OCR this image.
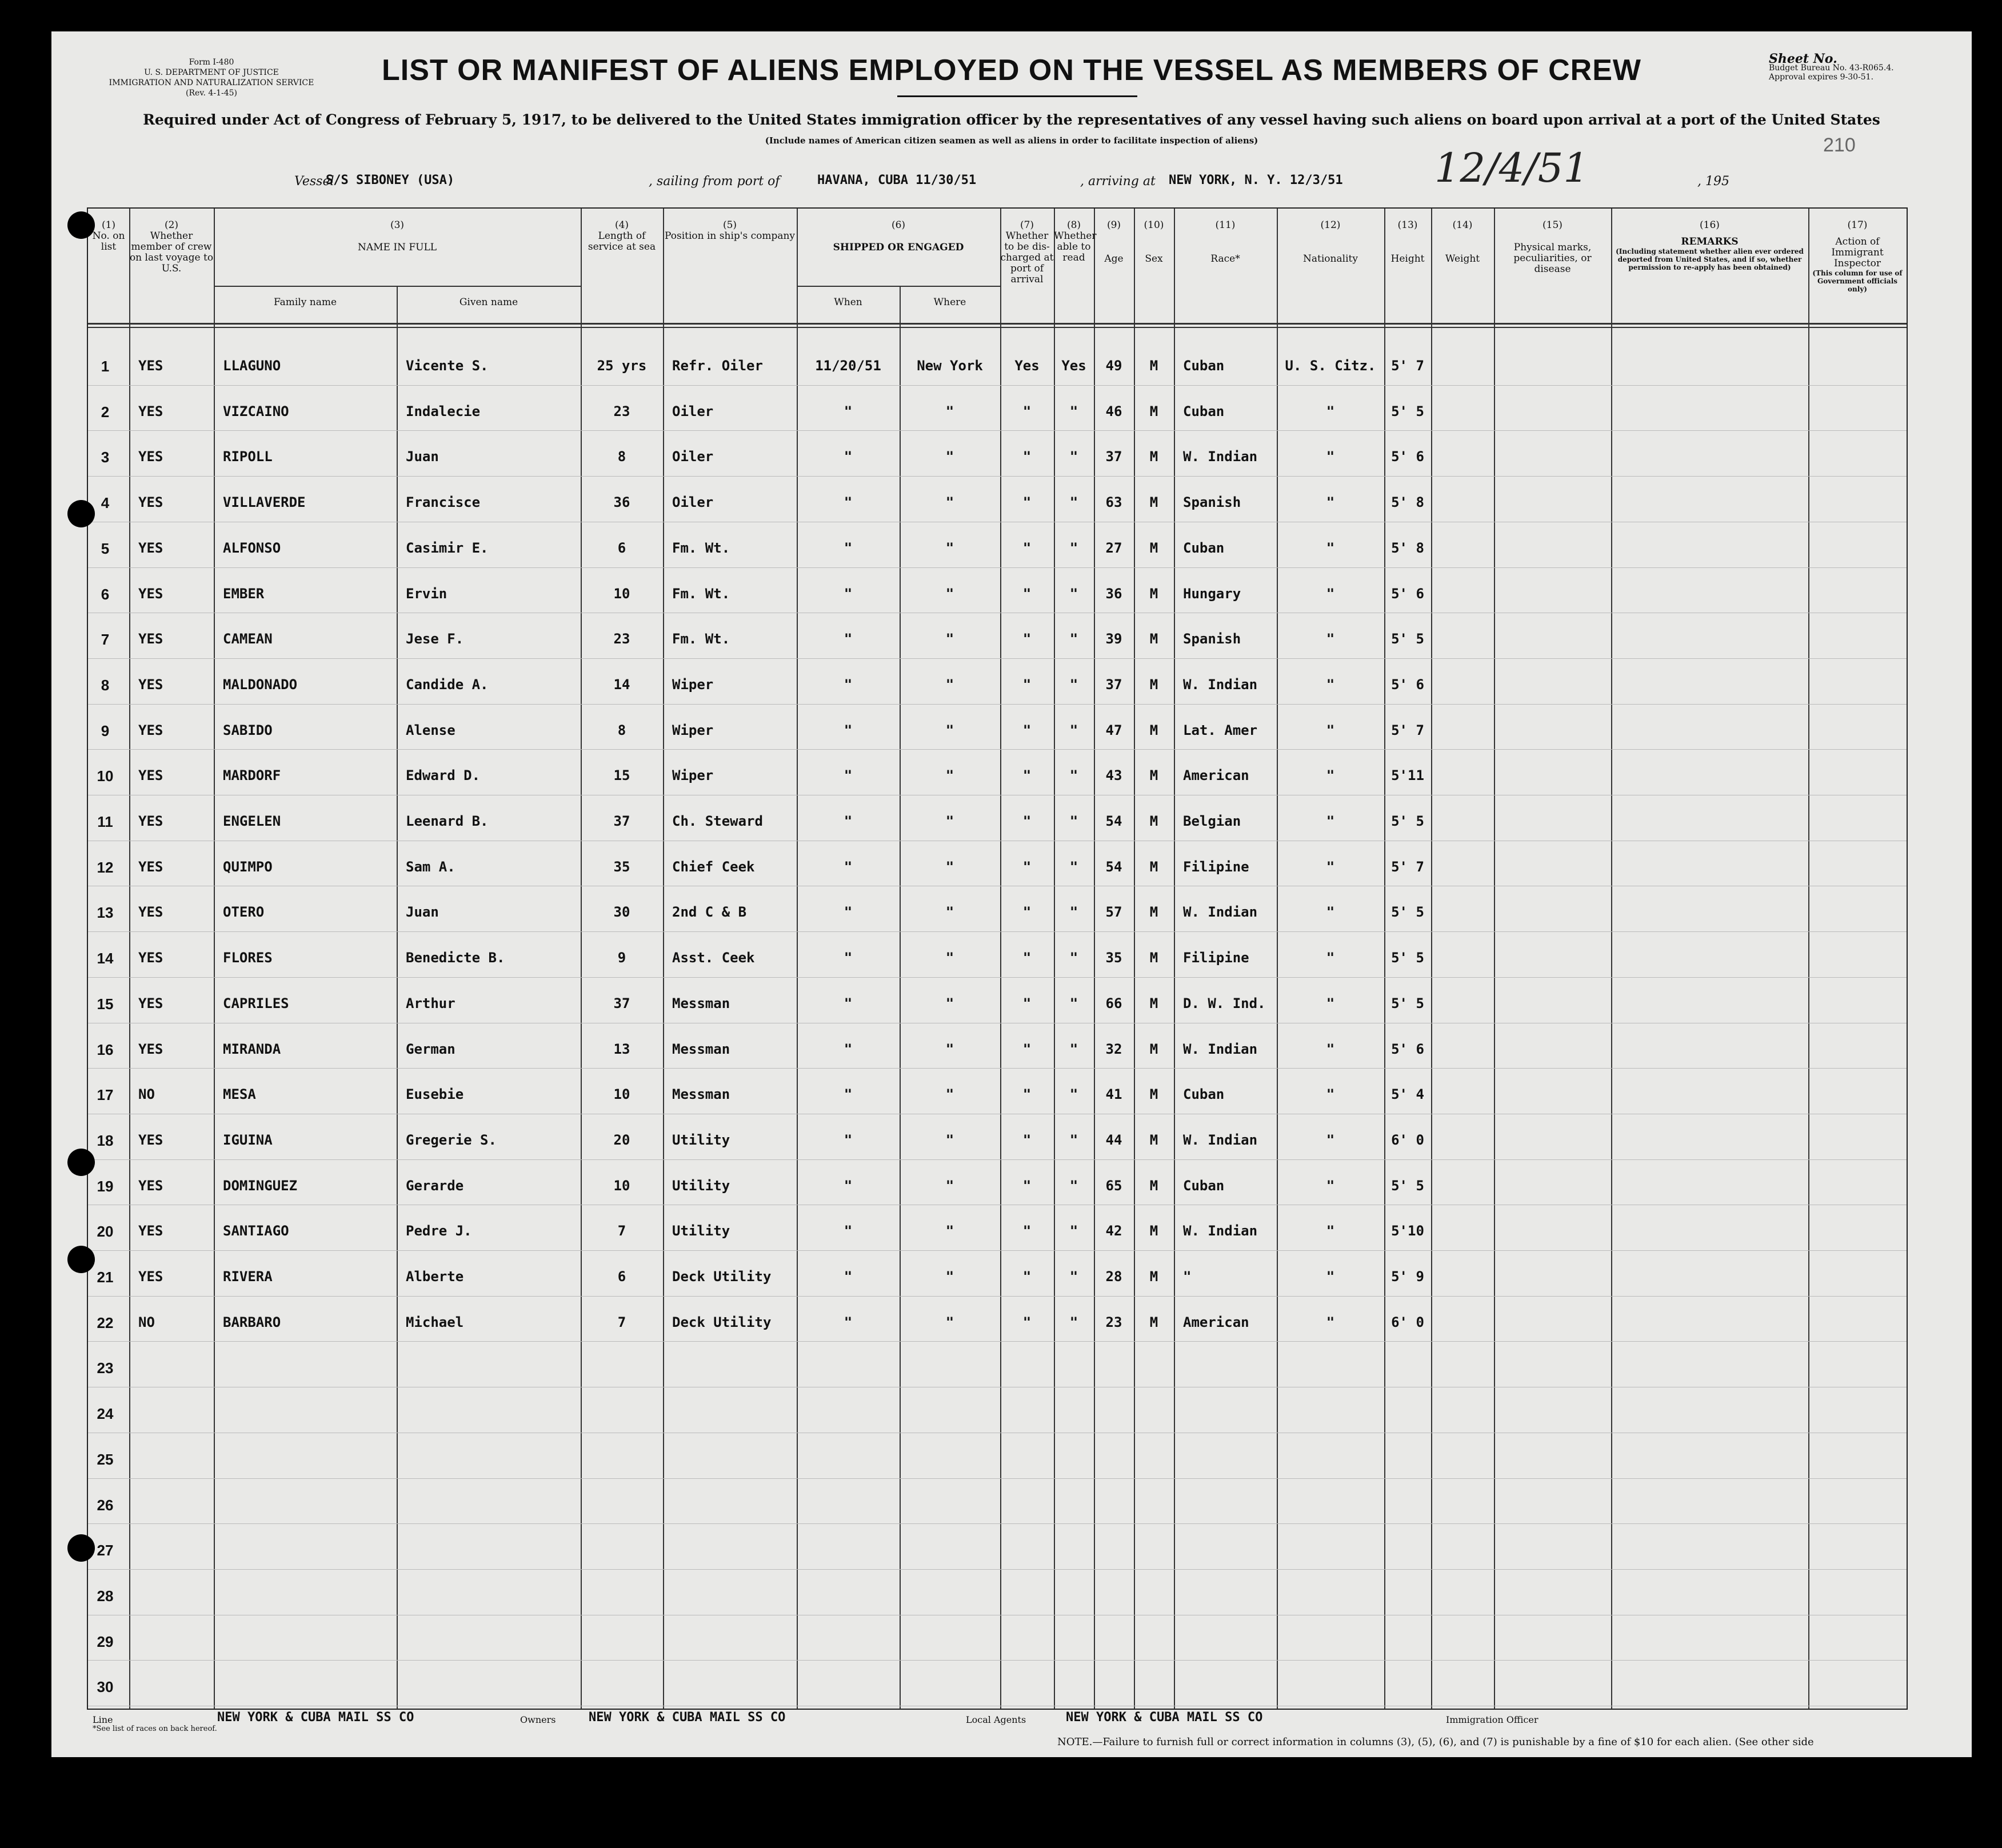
Form I-480
U. S. DEPARTMENT OF JUSTICE
IMMIGRATION AND NATURALIZATION SERVICE
(Rev. 4-1-45)
LIST OR MANIFEST OF ALIENS EMPLOYED ON THE VESSEL AS MEMBERS OF CREW	Sheet No.
Budget Bureau No. 43-R065.4.
Approval expires 9-30-51.
Required under Act of Congress of February 5, 1917, to be delivered to the United States immigration officer by the representatives of any vessel having such aliens on board upon arrival at a port of the United States
(Include names of American citizen seamen as well as aliens in order to facilitate inspection of aliens)	210
Vessel
S/S SIBONEY (USA)	, sailing from port of	HAVANA, CUBA 11/30/51	, arriving at NEW YORK, N. Y. 12/3/51 12/4/51	, 195
(1)
No. on list
(2)
Whether member of crew on last voyage to U.S.
(3)
NAME IN FULL
Family name	Given name
(4)
Length of service at sea
(5)
Position in ship's company
(6)
SHIPPED OR ENGAGED
When	Where
(7)
Whether to be dis-charged at port of arrival
(8)
Whether able to read
(9)
Age
(10)
Sex
(11)
Race*
(12)
Nationality
(13)
Height
(14)
Weight
(15)
Physical marks, peculiarities, or disease
(16)
REMARKS
(Including statement whether alien ever ordered deported from United States, and if so, whether permission to re-apply has been obtained)
(17)
Action of Immigrant Inspector
(This column for use of Government officials only)
1	YES	LLAGUNO	Vicente S.	25 yrs	Refr. Oiler	11/20/51	New York	Yes	Yes	49	M	Cuban	U. S. Citz.	5' 7
2	YES	VIZCAINO	Indalecie	23	Oiler	"	"	"	"	46	M	Cuban	"	5' 5
3	YES	RIPOLL	Juan	8	Oiler	"	"	"	"	37	M	W. Indian	"	5' 6
4	YES	VILLAVERDE	Francisce	36	Oiler	"	"	"	"	63	M	Spanish	"	5' 8
5	YES	ALFONSO	Casimir E.	6	Fm. Wt.	"	"	"	"	27	M	Cuban	"	5' 8
6	YES	EMBER	Ervin	10	Fm. Wt.	"	"	"	"	36	M	Hungary	"	5' 6
7	YES	CAMEAN	Jese F.	23	Fm. Wt.	"	"	"	"	39	M	Spanish	"	5' 5
8	YES	MALDONADO	Candide A.	14	Wiper	"	"	"	"	37	M	W. Indian	"	5' 6
9	YES	SABIDO	Alense	8	Wiper	"	"	"	"	47	M	Lat. Amer	"	5' 7
10	YES	MARDORF	Edward D.	15	Wiper	"	"	"	"	43	M	American	"	5'11
11	YES	ENGELEN	Leenard B.	37	Ch. Steward	"	"	"	"	54	M	Belgian	"	5' 5
12	YES	QUIMPO	Sam A.	35	Chief Ceek	"	"	"	"	54	M	Filipine	"	5' 7
13	YES	OTERO	Juan	30	2nd C & B	"	"	"	"	57	M	W. Indian	"	5' 5
14	YES	FLORES	Benedicte B.	9	Asst. Ceek	"	"	"	"	35	M	Filipine	"	5' 5
15	YES	CAPRILES	Arthur	37	Messman	"	"	"	"	66	M	D. W. Ind.	"	5' 5
16	YES	MIRANDA	German	13	Messman	"	"	"	"	32	M	W. Indian	"	5' 6
17	NO	MESA	Eusebie	10	Messman	"	"	"	"	41	M	Cuban	"	5' 4
18	YES	IGUINA	Gregerie S.	20	Utility	"	"	"	"	44	M	W. Indian	"	6' 0
19	YES	DOMINGUEZ	Gerarde	10	Utility	"	"	"	"	65	M	Cuban	"	5' 5
20	YES	SANTIAGO	Pedre J.	7	Utility	"	"	"	"	42	M	W. Indian	"	5'10
21	YES	RIVERA	Alberte	6	Deck Utility	"	"	"	"	28	M	"	"	5' 9
22	NO	BARBARO	Michael	7	Deck Utility	"	"	"	"	23	M	American	"	6' 0
23
24
25
26
27
28
29
30
Line	NEW YORK & CUBA MAIL SS CO	Owners	NEW YORK & CUBA MAIL SS CO	Local Agents	NEW YORK & CUBA MAIL SS CO	Immigration Officer
*See list of races on back hereof.
NOTE.—Failure to furnish full or correct information in columns (3), (5), (6), and (7) is punishable by a fine of $10 for each alien. (See other side
